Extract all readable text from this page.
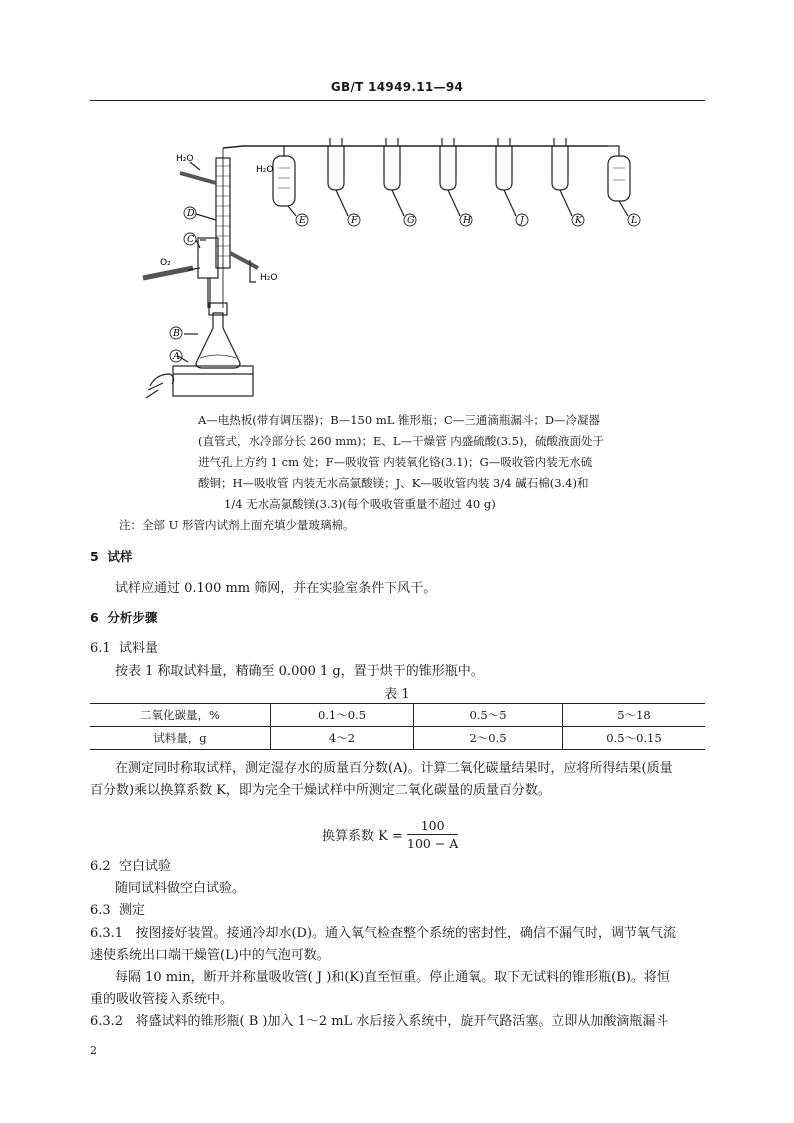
GB/T 14949.11—94
A
B
C
D
E	F	G	H	J	K	L
H₂O
O₂
H₂O
H₂O
A—电热板(带有调压器)；B—150 mL 锥形瓶；C—三通滴瓶漏斗；D—冷凝器
(直管式，水冷部分长 260 mm)；E、L—干燥管 内盛硫酸(3.5)，硫酸液面处于
进气孔上方约 1 cm 处；F—吸收管 内装氧化铬(3.1)；G—吸收管内装无水硫
酸铜；H—吸收管 内装无水高氯酸镁；J、K—吸收管内装 3/4 碱石棉(3.4)和
1/4 无水高氯酸镁(3.3)(每个吸收管重量不超过 40 g)
注：全部 U 形管内试剂上面充填少量玻璃棉。
5 试样
试样应通过 0.100 mm 筛网，并在实验室条件下风干。
6 分析步骤
6.1 试料量
按表 1 称取试料量，精确至 0.000 1 g，置于烘干的锥形瓶中。
表 1
二氧化碳量，%	0.1～0.5	0.5～5	5～18
试料量，g	4～2	2～0.5	0.5～0.15
在测定同时称取试样，测定湿存水的质量百分数(A)。计算二氧化碳量结果时，应将所得结果(质量
百分数)乘以换算系数 K，即为完全干燥试样中所测定二氧化碳量的质量百分数。
换算系数 $K = \frac{100}{100 - A}$
6.2 空白试验
随同试料做空白试验。
6.3 测定
6.3.1 按图接好装置。接通冷却水(D)。通入氧气检查整个系统的密封性，确信不漏气时，调节氧气流
速使系统出口端干燥管(L)中的气泡可数。
每隔 10 min，断开并称量吸收管( J )和(K)直至恒重。停止通氧。取下无试料的锥形瓶(B)。将恒
重的吸收管接入系统中。
6.3.2 将盛试料的锥形瓶( B )加入 1～2 mL 水后接入系统中，旋开气路活塞。立即从加酸滴瓶漏斗
2
